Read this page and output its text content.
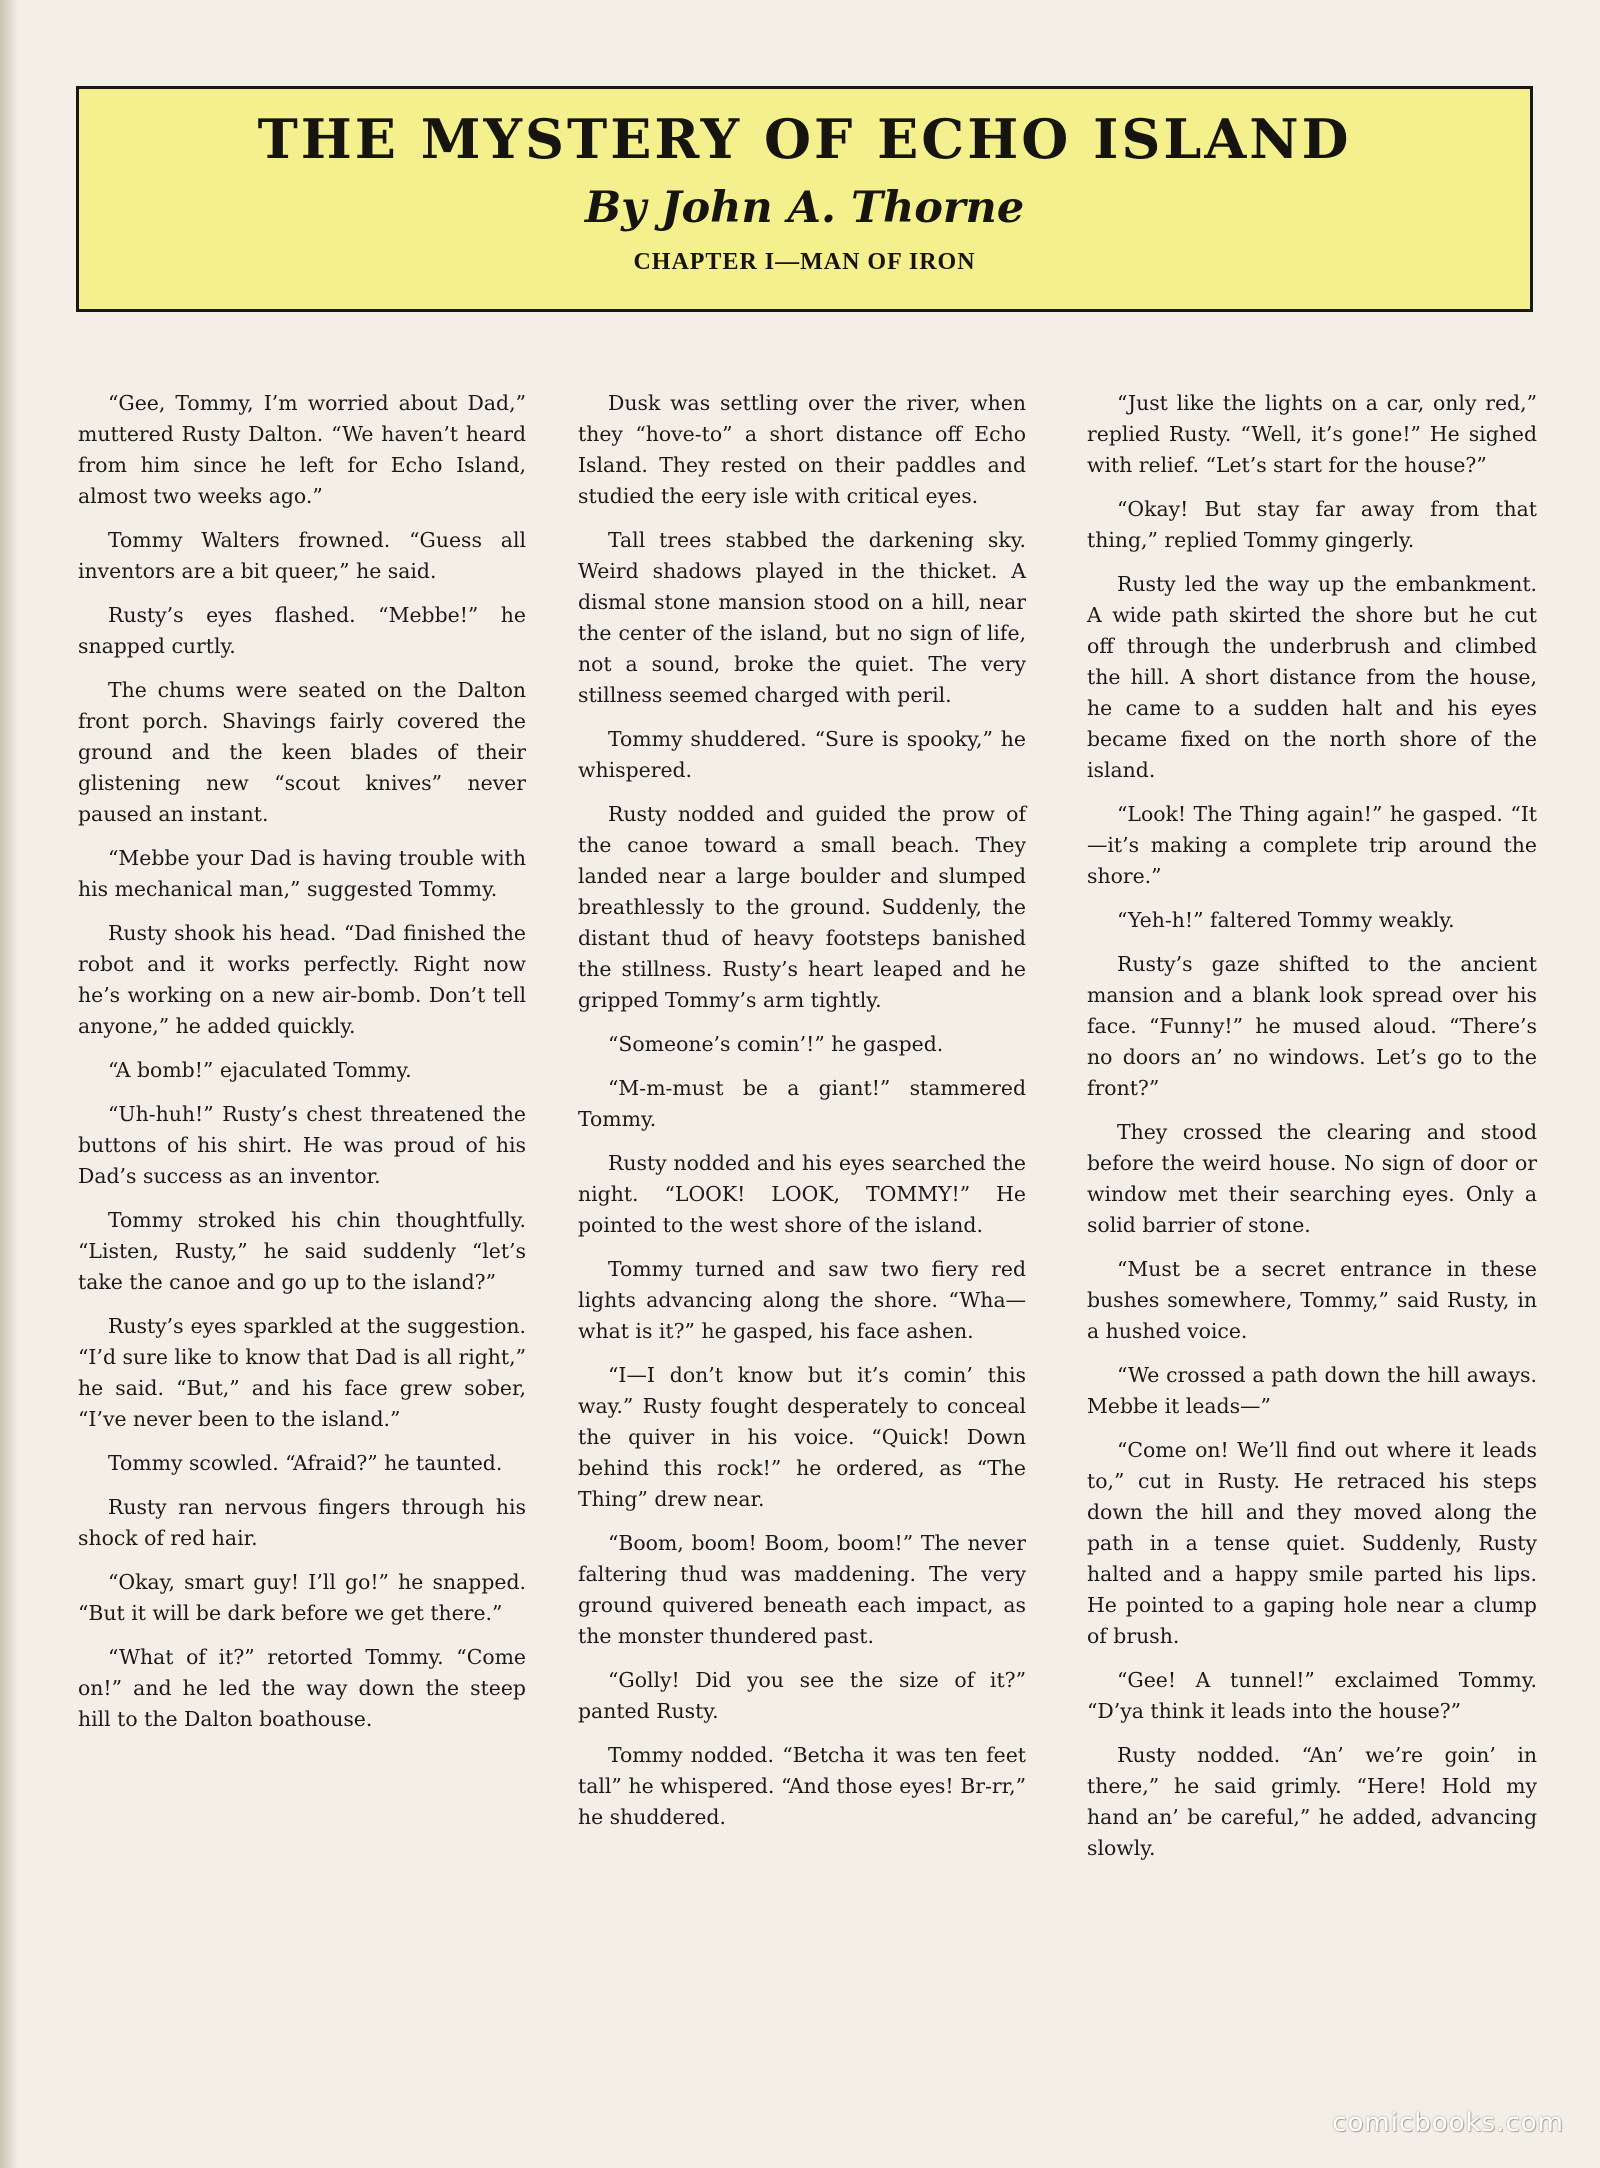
THE MYSTERY OF ECHO ISLAND
By John A. Thorne
CHAPTER I—MAN OF IRON

“Gee, Tommy, I’m worried about Dad,” muttered Rusty Dalton. “We haven’t heard from him since he left for Echo Island, almost two weeks ago.”

Tommy Walters frowned. “Guess all inventors are a bit queer,” he said.

Rusty’s eyes flashed. “Mebbe!” he snapped curtly.

The chums were seated on the Dalton front porch. Shavings fairly covered the ground and the keen blades of their glistening new “scout knives” never paused an instant.

“Mebbe your Dad is having trouble with his mechanical man,” suggested Tommy.

Rusty shook his head. “Dad finished the robot and it works perfectly. Right now he’s working on a new air-bomb. Don’t tell anyone,” he added quickly.

“A bomb!” ejaculated Tommy.

“Uh-huh!” Rusty’s chest threatened the buttons of his shirt. He was proud of his Dad’s success as an inventor.

Tommy stroked his chin thoughtfully. “Listen, Rusty,” he said suddenly “let’s take the canoe and go up to the island?”

Rusty’s eyes sparkled at the suggestion. “I’d sure like to know that Dad is all right,” he said. “But,” and his face grew sober, “I’ve never been to the island.”

Tommy scowled. “Afraid?” he taunted.

Rusty ran nervous fingers through his shock of red hair.

“Okay, smart guy! I’ll go!” he snapped. “But it will be dark before we get there.”

“What of it?” retorted Tommy. “Come on!” and he led the way down the steep hill to the Dalton boathouse.

Dusk was settling over the river, when they “hove-to” a short distance off Echo Island. They rested on their paddles and studied the eery isle with critical eyes.

Tall trees stabbed the darkening sky. Weird shadows played in the thicket. A dismal stone mansion stood on a hill, near the center of the island, but no sign of life, not a sound, broke the quiet. The very stillness seemed charged with peril.

Tommy shuddered. “Sure is spooky,” he whispered.

Rusty nodded and guided the prow of the canoe toward a small beach. They landed near a large boulder and slumped breathlessly to the ground. Suddenly, the distant thud of heavy footsteps banished the stillness. Rusty’s heart leaped and he gripped Tommy’s arm tightly.

“Someone’s comin’!” he gasped.

“M-m-must be a giant!” stammered Tommy.

Rusty nodded and his eyes searched the night. “LOOK! LOOK, TOMMY!” He pointed to the west shore of the island.

Tommy turned and saw two fiery red lights advancing along the shore. “Wha—what is it?” he gasped, his face ashen.

“I—I don’t know but it’s comin’ this way.” Rusty fought desperately to conceal the quiver in his voice. “Quick! Down behind this rock!” he ordered, as “The Thing” drew near.

“Boom, boom! Boom, boom!” The never faltering thud was maddening. The very ground quivered beneath each impact, as the monster thundered past.

“Golly! Did you see the size of it?” panted Rusty.

Tommy nodded. “Betcha it was ten feet tall” he whispered. “And those eyes! Br-rr,” he shuddered.

“Just like the lights on a car, only red,” replied Rusty. “Well, it’s gone!” He sighed with relief. “Let’s start for the house?”

“Okay! But stay far away from that thing,” replied Tommy gingerly.

Rusty led the way up the embankment. A wide path skirted the shore but he cut off through the underbrush and climbed the hill. A short distance from the house, he came to a sudden halt and his eyes became fixed on the north shore of the island.

“Look! The Thing again!” he gasped. “It—it’s making a complete trip around the shore.”

“Yeh-h!” faltered Tommy weakly.

Rusty’s gaze shifted to the ancient mansion and a blank look spread over his face. “Funny!” he mused aloud. “There’s no doors an’ no windows. Let’s go to the front?”

They crossed the clearing and stood before the weird house. No sign of door or window met their searching eyes. Only a solid barrier of stone.

“Must be a secret entrance in these bushes somewhere, Tommy,” said Rusty, in a hushed voice.

“We crossed a path down the hill aways. Mebbe it leads—”

“Come on! We’ll find out where it leads to,” cut in Rusty. He retraced his steps down the hill and they moved along the path in a tense quiet. Suddenly, Rusty halted and a happy smile parted his lips. He pointed to a gaping hole near a clump of brush.

“Gee! A tunnel!” exclaimed Tommy. “D’ya think it leads into the house?”

Rusty nodded. “An’ we’re goin’ in there,” he said grimly. “Here! Hold my hand an’ be careful,” he added, advancing slowly.

comicbooks.com
